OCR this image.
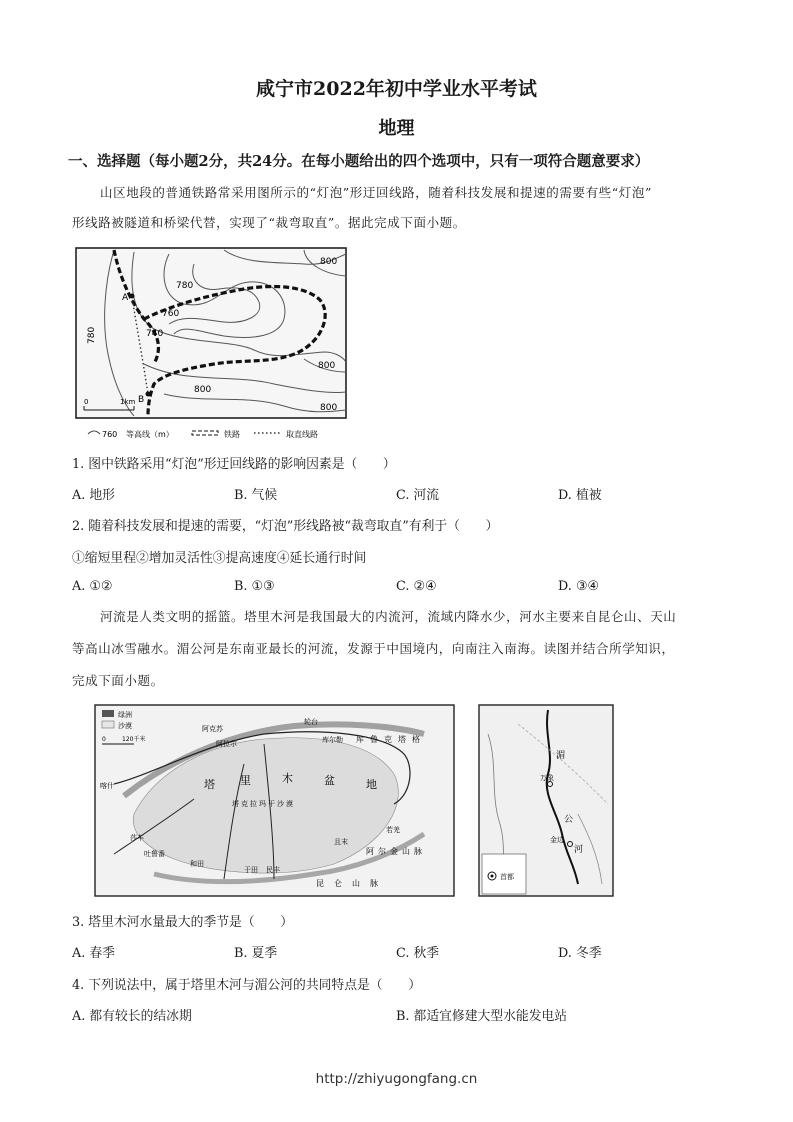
咸宁市2022年初中学业水平考试
地理
一、选择题（每小题2分，共24分。在每小题给出的四个选项中，只有一项符合题意要求）
山区地段的普通铁路常采用图所示的“灯泡”形迂回线路，随着科技发展和提速的需要有些“灯泡”
形线路被隧道和桥梁代替，实现了“裁弯取直”。据此完成下面小题。
A
B
800
780
760
740
780
800
800
800
0	1km
760 等高线（m）	铁路	取直线路
1. 图中铁路采用“灯泡”形迂回线路的影响因素是（　　）
A. 地形	B. 气候	C. 河流	D. 植被
2. 随着科技发展和提速的需要，“灯泡”形线路被“裁弯取直”有利于（　　）
①缩短里程②增加灵活性③提高速度④延长通行时间
A. ①②	B. ①③	C. ②④	D. ③④
河流是人类文明的摇篮。塔里木河是我国最大的内流河，流域内降水少，河水主要来自昆仑山、天山
等高山冰雪融水。湄公河是东南亚最长的河流，发源于中国境内，向南注入南海。读图并结合所学知识，
完成下面小题。
绿洲
沙漠
0	120千米
阿克苏
阿拉尔
轮台
库尔勒 库鲁克塔格
喀什	塔 里	木	盆	地
塔克拉玛干沙漠
若羌
且末
阿尔金山脉
和田
于田 民丰
昆仑山脉
莎车
吐鲁番
首都
湄
公
河
万象
金边
3. 塔里木河水量最大的季节是（　　）
A. 春季	B. 夏季	C. 秋季	D. 冬季
4. 下列说法中，属于塔里木河与湄公河的共同特点是（　　）
A. 都有较长的结冰期	B. 都适宜修建大型水能发电站
http://zhiyugongfang.cn
